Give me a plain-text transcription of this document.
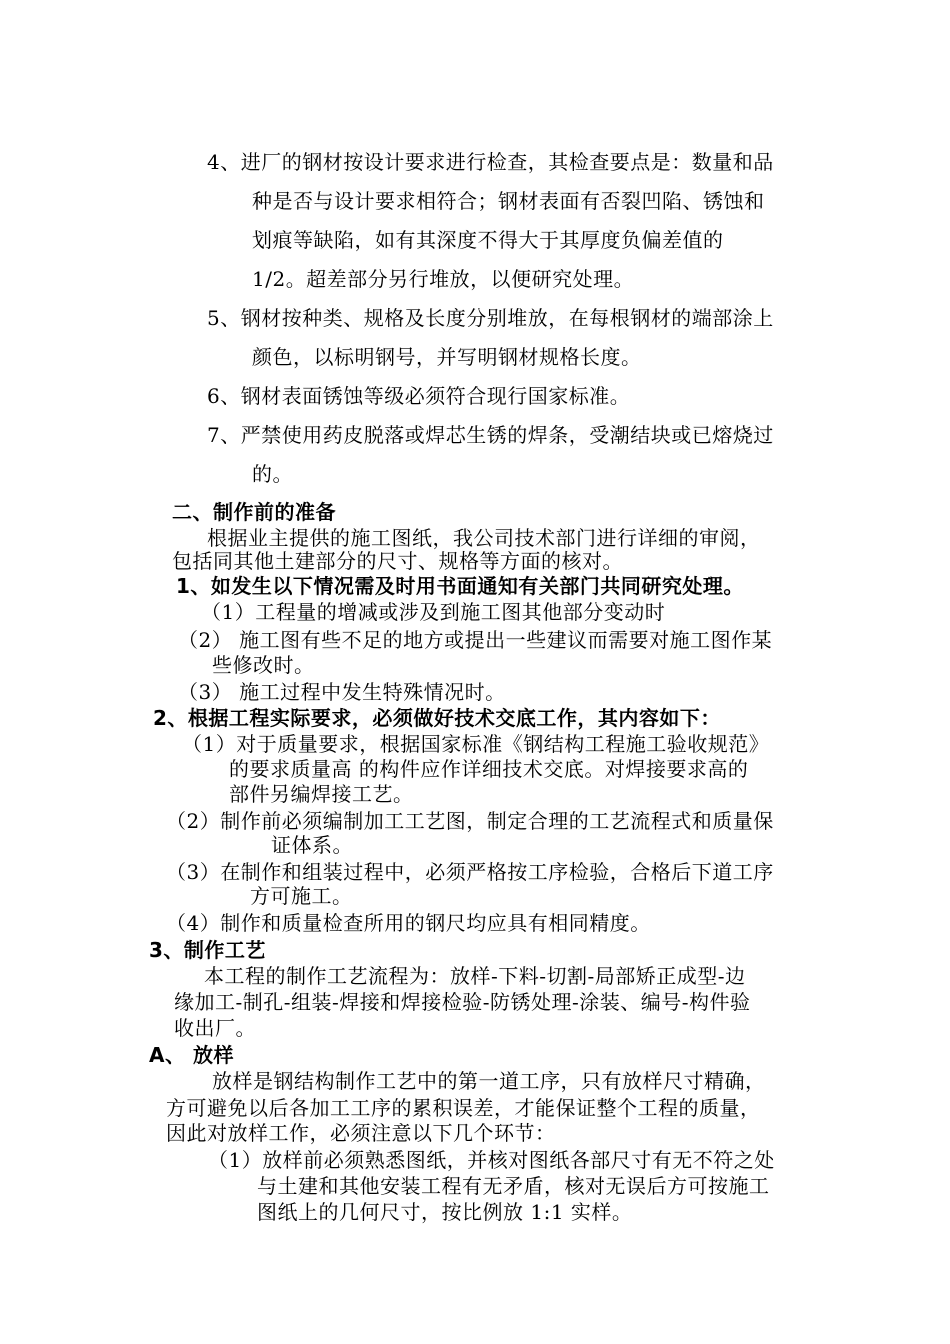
4、进厂的钢材按设计要求进行检查，其检查要点是：数量和品
种是否与设计要求相符合；钢材表面有否裂凹陷、锈蚀和
划痕等缺陷，如有其深度不得大于其厚度负偏差值的
1/2。超差部分另行堆放，以便研究处理。
5、钢材按种类、规格及长度分别堆放，在每根钢材的端部涂上
颜色，以标明钢号，并写明钢材规格长度。
6、钢材表面锈蚀等级必须符合现行国家标准。
7、严禁使用药皮脱落或焊芯生锈的焊条，受潮结块或已熔烧过
的。
二、制作前的准备
根据业主提供的施工图纸，我公司技术部门进行详细的审阅，
包括同其他土建部分的尺寸、规格等方面的核对。
1、如发生以下情况需及时用书面通知有关部门共同研究处理。
（1）工程量的增减或涉及到施工图其他部分变动时
（2） 施工图有些不足的地方或提出一些建议而需要对施工图作某
些修改时。
（3） 施工过程中发生特殊情况时。
2、根据工程实际要求，必须做好技术交底工作，其内容如下：
（1）对于质量要求，根据国家标准《钢结构工程施工验收规范》
的要求质量高 的构件应作详细技术交底。对焊接要求高的
部件另编焊接工艺。
（2）制作前必须编制加工工艺图，制定合理的工艺流程式和质量保
证体系。
（3）在制作和组装过程中，必须严格按工序检验，合格后下道工序
方可施工。
（4）制作和质量检查所用的钢尺均应具有相同精度。
3、制作工艺
本工程的制作工艺流程为：放样-下料-切割-局部矫正成型-边
缘加工-制孔-组装-焊接和焊接检验-防锈处理-涂装、编号-构件验
收出厂。
A、 放样
放样是钢结构制作工艺中的第一道工序，只有放样尺寸精确，
方可避免以后各加工工序的累积误差，才能保证整个工程的质量，
因此对放样工作，必须注意以下几个环节：
（1）放样前必须熟悉图纸，并核对图纸各部尺寸有无不符之处
与土建和其他安装工程有无矛盾，核对无误后方可按施工
图纸上的几何尺寸，按比例放 1:1 实样。
